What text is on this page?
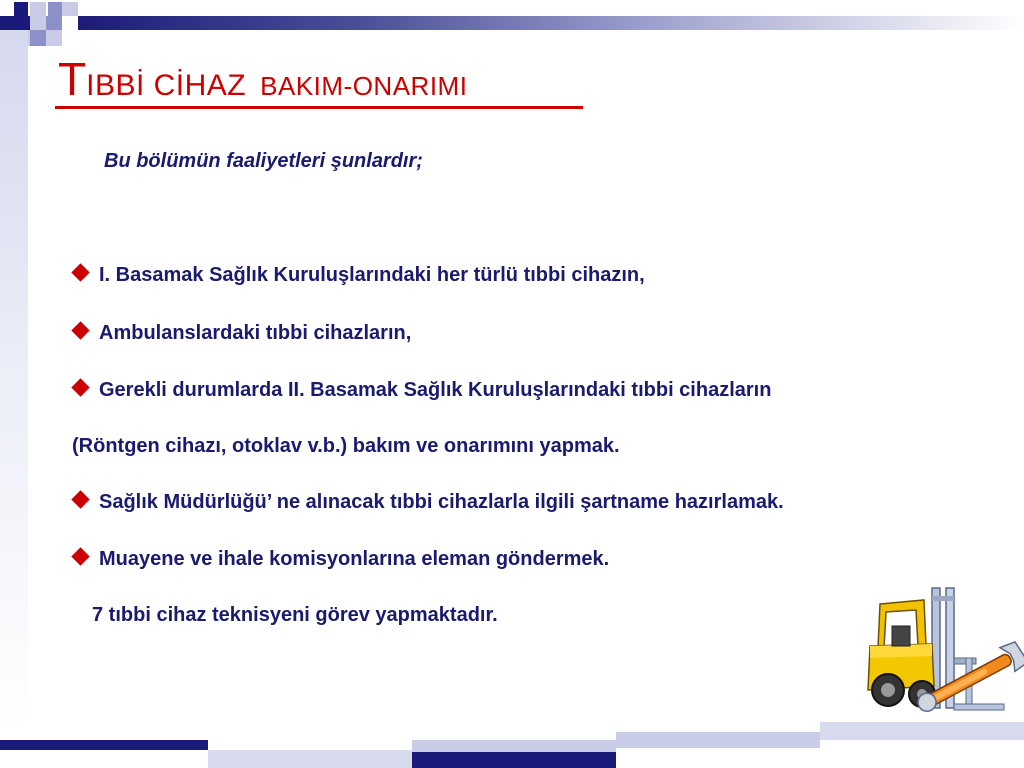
TIBBİ CİHAZ BAKIM-ONARIMI
Bu bölümün faaliyetleri şunlardır;
I. Basamak Sağlık Kuruluşlarındaki her türlü tıbbi cihazın,
Ambulanslardaki tıbbi cihazların,
Gerekli durumlarda II. Basamak Sağlık Kuruluşlarındaki tıbbi cihazların
(Röntgen cihazı, otoklav v.b.) bakım ve onarımını yapmak.
Sağlık Müdürlüğü’ ne alınacak tıbbi cihazlarla ilgili şartname hazırlamak.
Muayene ve ihale komisyonlarına eleman göndermek.
7 tıbbi cihaz teknisyeni görev yapmaktadır.
